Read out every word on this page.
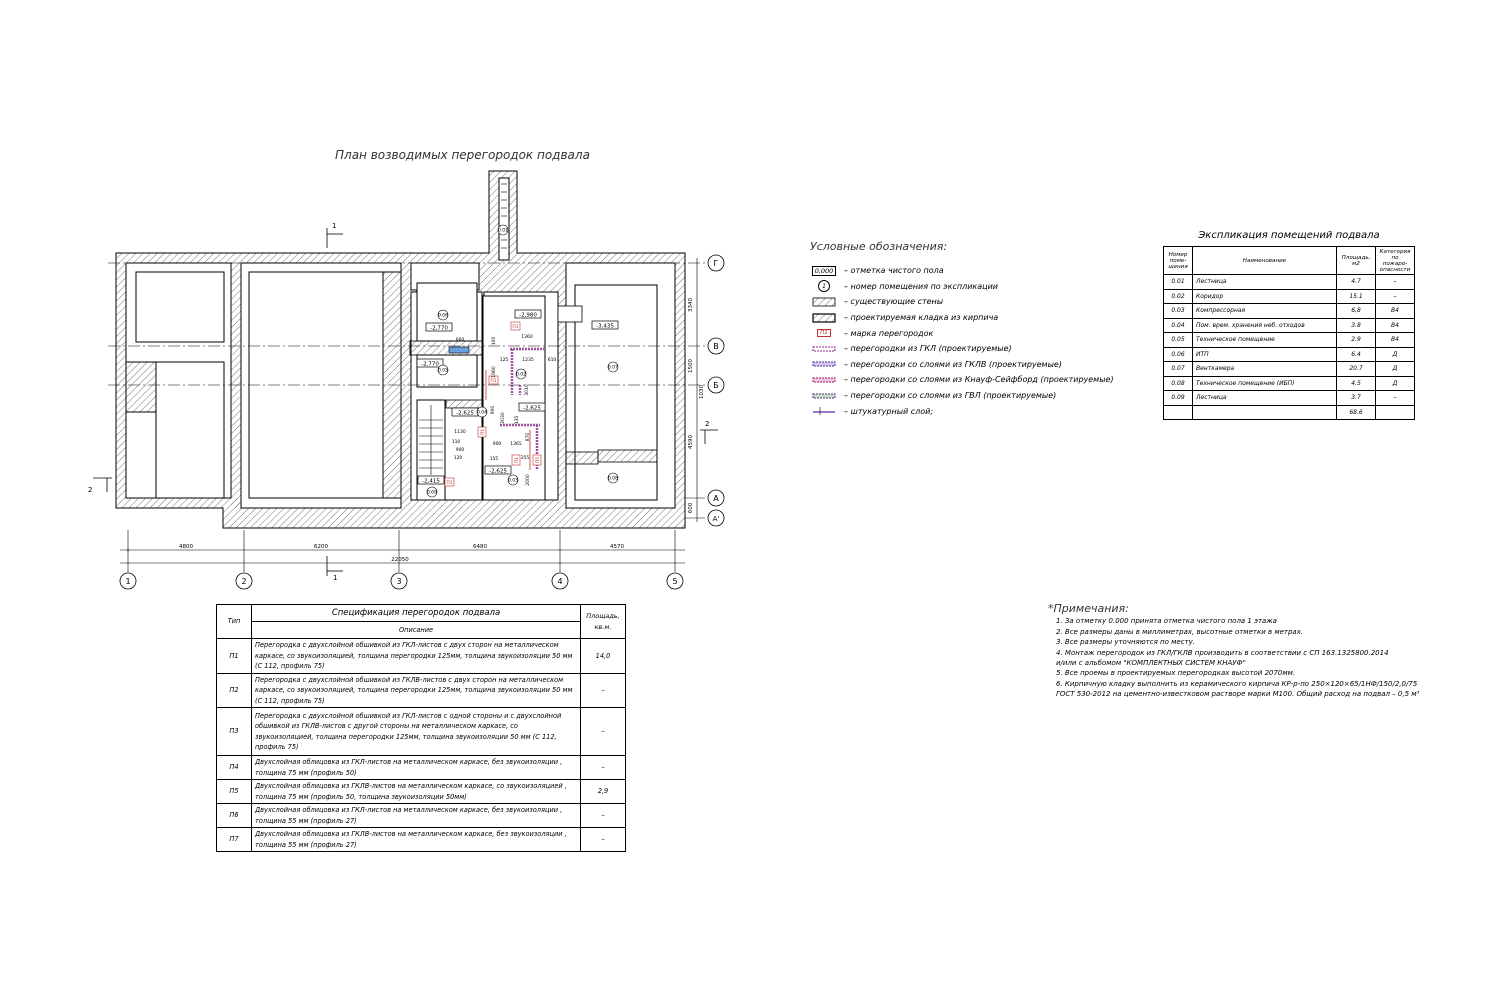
План возводимых перегородок подвала
1	2	3	4	5
Г
В
Б
А
А'
4800	6200	6480	4570
22050
3340
1500
1030
4590
600
1
1
2
2
-2,770
-2,770
-2,980
-3,435
-2,625
-2,625
-2,625
-2,415
0.06
0.05
0.04
0.07
0.03
0.02
0.08
0.01
0.09
П1
П1
П1
П1
П1
П5
660	100	1360
125	1235	610
1960
3010
900
1130
110
900
120
900 1365
155	355
2030
870
135
2000
Условные обозначения:
0,000	– отметка чистого пола
1	– номер помещения по экспликации
– существующие стены
– проектируемая кладка из кирпича
П1	– марка перегородок
– перегородки из ГКЛ (проектируемые)
– перегородки со слоями из ГКЛВ (проектируемые)
– перегородки со слоями из Кнауф-Сейфборд (проектируемые)
– перегородки со слоями из ГВЛ (проектируемые)
– штукатурный слой;
Экспликация помещений подвала
Номер поме-щения	Наименование	Площадь, м2	Категория по пожаро-опасности
0.01	Лестница	4.7	–
0.02	Коридор	15.1	–
0.03	Компрессорная	6,8	В4
0.04	Пом. врем. хранения неб. отходов	3.8	В4
0.05	Техническое помещение	2.9	В4
0.06	ИТП	6.4	Д
0.07	Венткамера	20.7	Д
0.08	Техническое помещение (ИБП)	4.5	Д
0.09	Лестница	3.7	–
		68.6	
Тип	Спецификация перегородок подвала	Площадь, кв.м.
	Описание	
П1	Перегородка с двухслойной обшивкой из ГКЛ-листов с двух сторон на металлическом каркасе, со звукоизоляцией, толщина перегородки 125мм, толщина звукоизоляции 50 мм (С 112, профиль 75)	14,0
П2	Перегородка с двухслойной обшивкой из ГКЛВ-листов с двух сторон на металлическом каркасе, со звукоизоляцией, толщина перегородки 125мм, толщина звукоизоляции 50 мм (С 112, профиль 75)	–
П3	Перегородка с двухслойной обшивкой из ГКЛ-листов с одной стороны и с двухслойной обшивкой из ГКЛВ-листов с другой стороны на металлическом каркасе, со звукоизоляцией, толщина перегородки 125мм, толщина звукоизоляции 50 мм (С 112, профиль 75)	–
П4	Двухслойная облицовка из ГКЛ-листов на металлическом каркасе, без звукоизоляции , толщина 75 мм (профиль 50)	–
П5	Двухслойная облицовка из ГКЛВ-листов на металлическом каркасе, со звукоизоляцией , толщина 75 мм (профиль 50, толщина звукоизоляции 50мм)	2,9
П6	Двухслойная облицовка из ГКЛ-листов на металлическом каркасе, без звукоизоляции , толщина 55 мм (профиль 27)	–
П7	Двухслойная облицовка из ГКЛВ-листов на металлическом каркасе, без звукоизоляции , толщина 55 мм (профиль 27)	–
*Примечания:
1. За отметку 0.000 принята отметка чистого пола 1 этажа
2. Все размеры даны в миллиметрах, высотные отметки в метрах.
3. Все размеры уточняются по месту.
4. Монтаж перегородок из ГКЛ/ГКЛВ производить в соответствии с СП 163.1325800.2014
и/или с альбомом "КОМПЛЕКТНЫХ СИСТЕМ КНАУФ"
5. Все проемы в проектируемых перегородках высотой 2070мм.
6. Кирпичную кладку выполнить из керамического кирпича КР-р-по 250×120×65/1НФ/150/2,0/75
ГОСТ 530-2012 на цементно-известковом растворе марки М100. Общий расход на подвал – 0,5 м³
